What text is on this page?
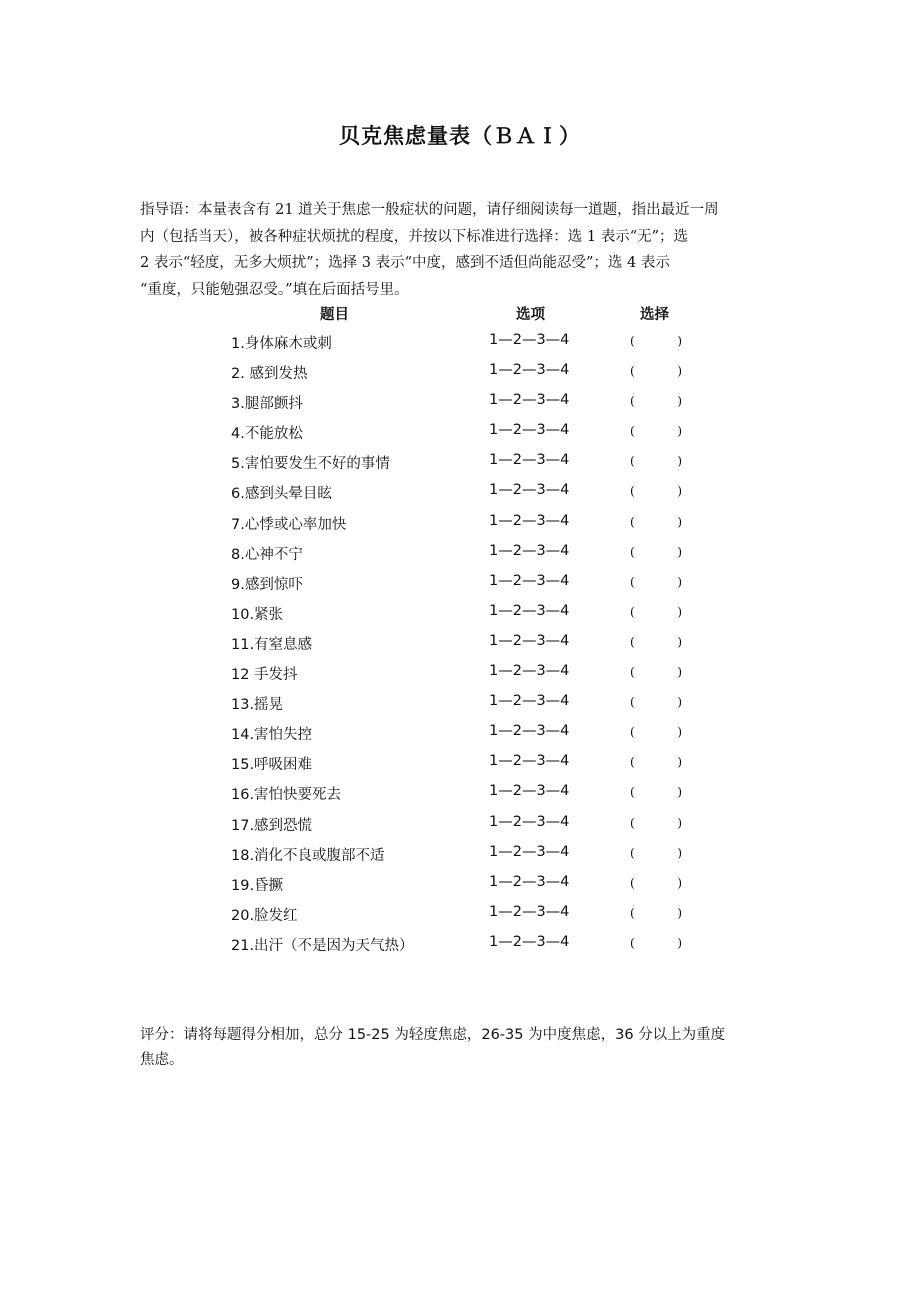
贝克焦虑量表（ＢＡＩ）

指导语：本量表含有 21 道关于焦虑一般症状的问题，请仔细阅读每一道题，指出最近一周
内（包括当天），被各种症状烦扰的程度，并按以下标准进行选择：选 1 表示“无”；选
2 表示“轻度，无多大烦扰”；选择 3 表示“中度，感到不适但尚能忍受”；选 4 表示
“重度，只能勉强忍受。”填在后面括号里。

题目	选项	选择
1.身体麻木或刺	1—2—3—4	(	)
2. 感到发热	1—2—3—4	(	)
3.腿部颤抖	1—2—3—4	(	)
4.不能放松	1—2—3—4	(	)
5.害怕要发生不好的事情	1—2—3—4	(	)
6.感到头晕目眩	1—2—3—4	(	)
7.心悸或心率加快	1—2—3—4	(	)
8.心神不宁	1—2—3—4	(	)
9.感到惊吓	1—2—3—4	(	)
10.紧张	1—2—3—4	(	)
11.有窒息感	1—2—3—4	(	)
12 手发抖	1—2—3—4	(	)
13.摇晃	1—2—3—4	(	)
14.害怕失控	1—2—3—4	(	)
15.呼吸困难	1—2—3—4	(	)
16.害怕快要死去	1—2—3—4	(	)
17.感到恐慌	1—2—3—4	(	)
18.消化不良或腹部不适	1—2—3—4	(	)
19.昏撅	1—2—3—4	(	)
20.脸发红	1—2—3—4	(	)
21.出汗（不是因为天气热）	1—2—3—4	(	)

评分：请将每题得分相加，总分 15-25 为轻度焦虑，26-35 为中度焦虑，36 分以上为重度
焦虑。
